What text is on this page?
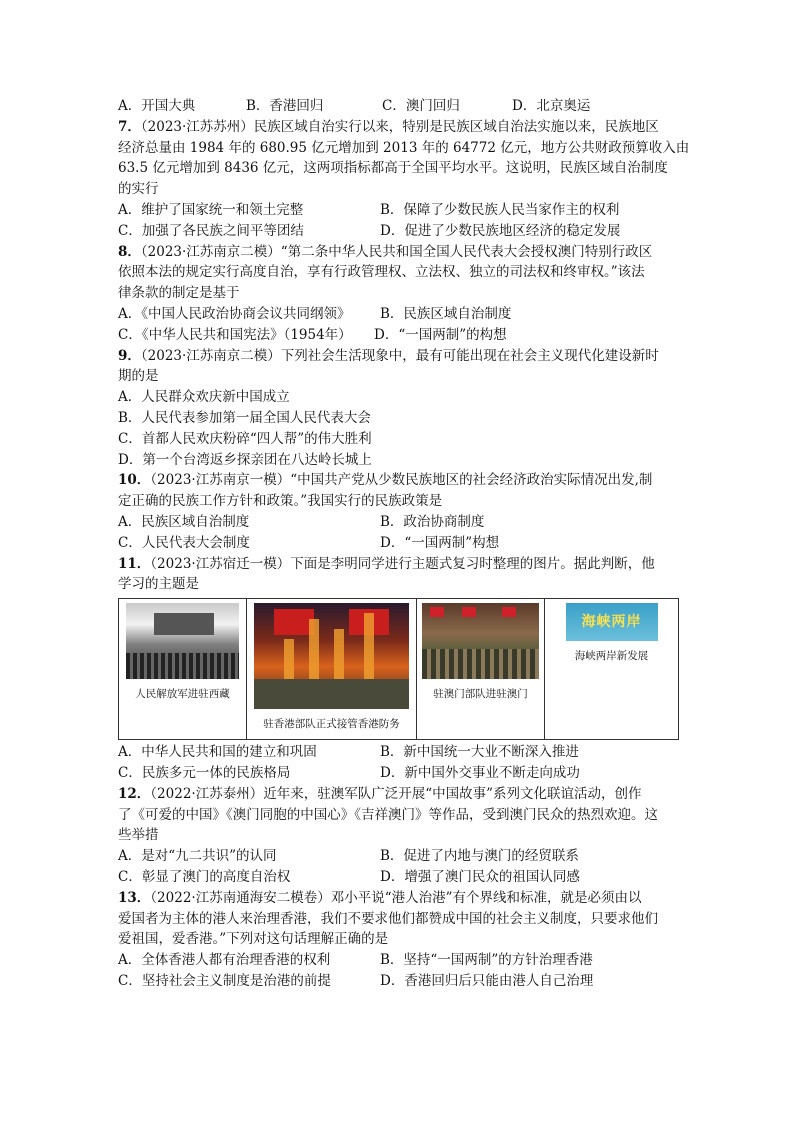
A．开国大典	B．香港回归	C．澳门回归	D．北京奥运
7．（2023·江苏苏州）民族区域自治实行以来，特别是民族区域自治法实施以来，民族地区
经济总量由 1984 年的 680.95 亿元增加到 2013 年的 64772 亿元，地方公共财政预算收入由
63.5 亿元增加到 8436 亿元，这两项指标都高于全国平均水平。这说明，民族区域自治制度
的实行
A．维护了国家统一和领土完整	B．保障了少数民族人民当家作主的权利
C．加强了各民族之间平等团结	D．促进了少数民族地区经济的稳定发展
8．（2023·江苏南京二模）“第二条中华人民共和国全国人民代表大会授权澳门特别行政区
依照本法的规定实行高度自治，享有行政管理权、立法权、独立的司法权和终审权。”该法
律条款的制定是基于
A．《中国人民政治协商会议共同纲领》 B．民族区域自治制度
C．《中华人民共和国宪法》（1954年） D．“一国两制”的构想
9．（2023·江苏南京二模）下列社会生活现象中，最有可能出现在社会主义现代化建设新时
期的是
A．人民群众欢庆新中国成立
B．人民代表参加第一届全国人民代表大会
C．首都人民欢庆粉碎“四人帮”的伟大胜利
D．第一个台湾返乡探亲团在八达岭长城上
10．（2023·江苏南京一模）“中国共产党从少数民族地区的社会经济政治实际情况出发,制
定正确的民族工作方针和政策。”我国实行的民族政策是
A．民族区域自治制度	B．政治协商制度
C．人民代表大会制度	D．“一国两制”构想
11．（2023·江苏宿迁一模）下面是李明同学进行主题式复习时整理的图片。据此判断，他
学习的主题是
人民解放军进驻西藏

驻香港部队正式接管香港防务

驻澳门部队进驻澳门

海峡两岸
海峡两岸新发展
A．中华人民共和国的建立和巩固	B．新中国统一大业不断深入推进
C．民族多元一体的民族格局	D．新中国外交事业不断走向成功
12．（2022·江苏泰州）近年来，驻澳军队广泛开展“中国故事”系列文化联谊活动，创作
了《可爱的中国》《澳门同胞的中国心》《吉祥澳门》等作品，受到澳门民众的热烈欢迎。这
些举措
A．是对“九二共识”的认同	B．促进了内地与澳门的经贸联系
C．彰显了澳门的高度自治权	D．增强了澳门民众的祖国认同感
13．（2022·江苏南通海安二模卷）邓小平说“港人治港”有个界线和标准，就是必须由以
爱国者为主体的港人来治理香港，我们不要求他们都赞成中国的社会主义制度，只要求他们
爱祖国，爱香港。”下列对这句话理解正确的是
A．全体香港人都有治理香港的权利	B．坚持“一国两制”的方针治理香港
C．坚持社会主义制度是治港的前提	D．香港回归后只能由港人自己治理
